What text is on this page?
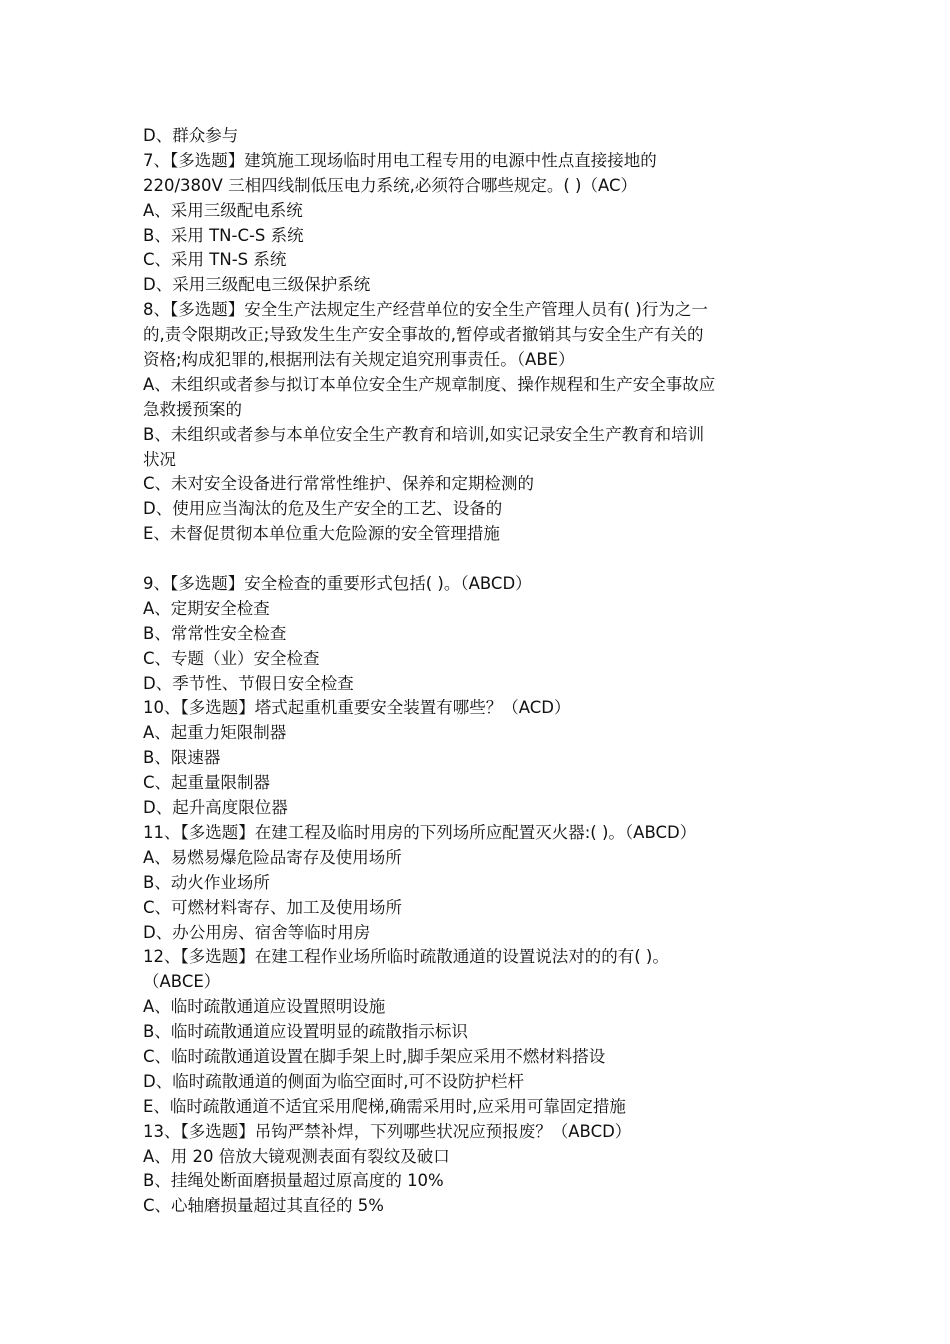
D、群众参与
7、【多选题】建筑施工现场临时用电工程专用的电源中性点直接接地的
220/380V 三相四线制低压电力系统,必须符合哪些规定。( )（AC）
A、采用三级配电系统
B、采用 TN-C-S 系统
C、采用 TN-S 系统
D、采用三级配电三级保护系统
8、【多选题】安全生产法规定生产经营单位的安全生产管理人员有( )行为之一
的,责令限期改正;导致发生生产安全事故的,暂停或者撤销其与安全生产有关的
资格;构成犯罪的,根据刑法有关规定追究刑事责任。（ABE）
A、未组织或者参与拟订本单位安全生产规章制度、操作规程和生产安全事故应
急救援预案的
B、未组织或者参与本单位安全生产教育和培训,如实记录安全生产教育和培训
状况
C、未对安全设备进行常常性维护、保养和定期检测的
D、使用应当淘汰的危及生产安全的工艺、设备的
E、未督促贯彻本单位重大危险源的安全管理措施
9、【多选题】安全检查的重要形式包括( )。（ABCD）
A、定期安全检查
B、常常性安全检查
C、专题（业）安全检查
D、季节性、节假日安全检查
10、【多选题】塔式起重机重要安全装置有哪些？（ACD）
A、起重力矩限制器
B、限速器
C、起重量限制器
D、起升高度限位器
11、【多选题】在建工程及临时用房的下列场所应配置灭火器:( )。（ABCD）
A、易燃易爆危险品寄存及使用场所
B、动火作业场所
C、可燃材料寄存、加工及使用场所
D、办公用房、宿舍等临时用房
12、【多选题】在建工程作业场所临时疏散通道的设置说法对的的有( )。
（ABCE）
A、临时疏散通道应设置照明设施
B、临时疏散通道应设置明显的疏散指示标识
C、临时疏散通道设置在脚手架上时,脚手架应采用不燃材料搭设
D、临时疏散通道的侧面为临空面时,可不设防护栏杆
E、临时疏散通道不适宜采用爬梯,确需采用时,应采用可靠固定措施
13、【多选题】吊钩严禁补焊，下列哪些状况应预报废？（ABCD）
A、用 20 倍放大镜观测表面有裂纹及破口
B、挂绳处断面磨损量超过原高度的 10%
C、心轴磨损量超过其直径的 5%
